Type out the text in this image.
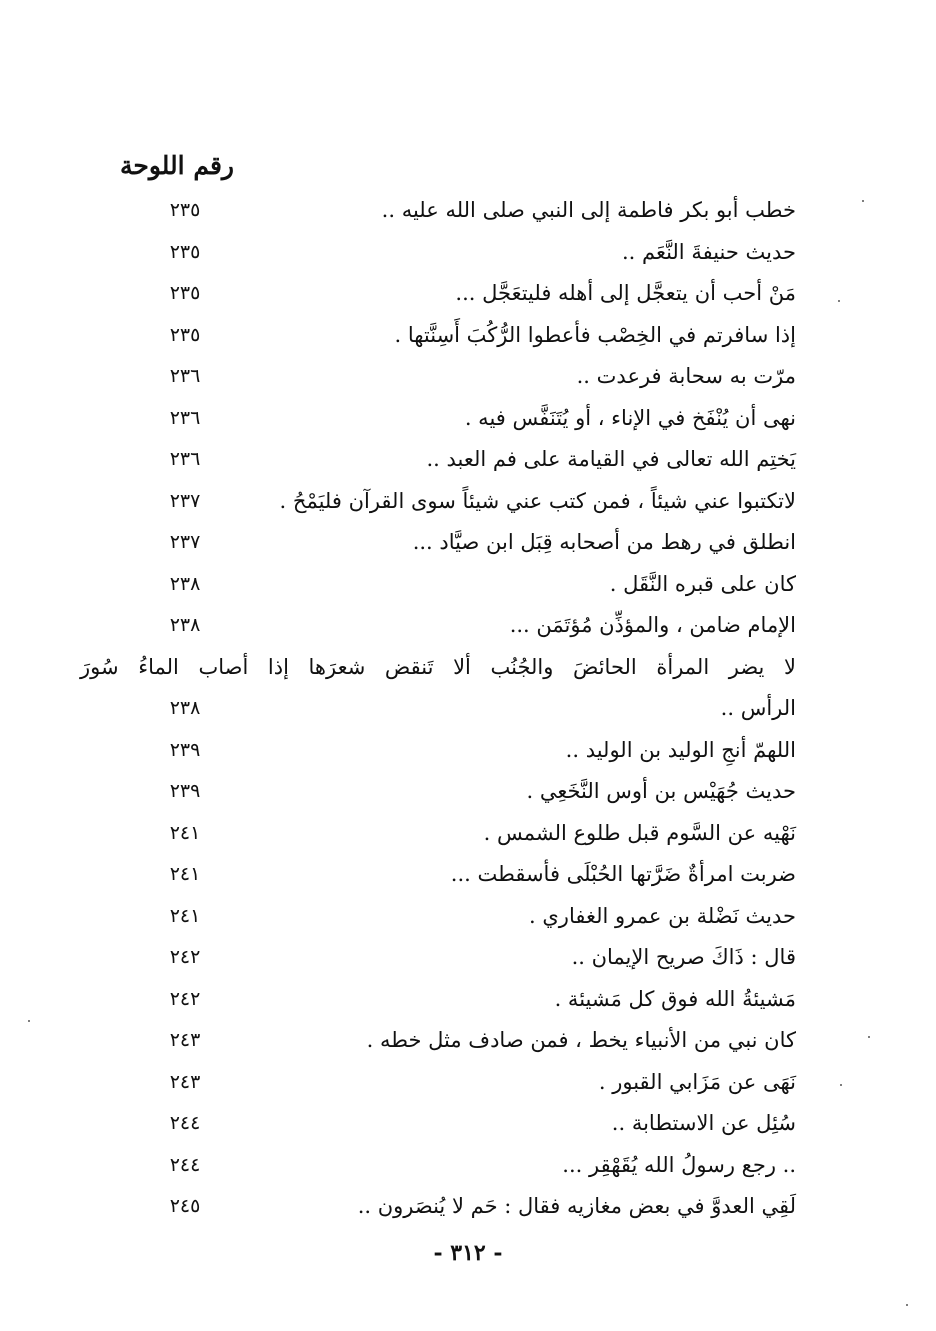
رقم اللوحة
خطب أبو بكر فاطمة إلى النبي صلى الله عليه ..
٢٣٥
حديث حنيفةَ النَّعَم ..
٢٣٥
مَنْ أحب أن يتعجَّل إلى أهله فليتعَجَّل ...
٢٣٥
إذا سافرتم في الخِصْب فأعطوا الرُّكُبَ أَسِنَّتها .
٢٣٥
مرّت به سحابة فرعدت ..
٢٣٦
نهى أن يُنْفَخ في الإناء ، أو يُتَنَفَّس فيه .
٢٣٦
يَختِم الله تعالى في القيامة على فم العبد ..
٢٣٦
لاتكتبوا عني شيئاً ، فمن كتب عني شيئاً سوى القرآن فليَمْحُ .
٢٣٧
انطلق في رهط من أصحابه قِبَل ابن صيَّاد ...
٢٣٧
كان على قبره النَّقَل .
٢٣٨
الإمام ضامن ، والمؤذِّن مُؤتَمَن ...
٢٣٨
لا يضر المرأة الحائضَ والجُنُب ألا تَنقض شعرَها إذا أصاب الماءُ سُورَ
الرأس ..
٢٣٨
اللهمّ أنجِ الوليد بن الوليد ..
٢٣٩
حديث جُهَيْس بن أوس النَّخَعِي .
٢٣٩
نَهْيه عن السَّوم قبل طلوع الشمس .
٢٤١
ضربت امرأةٌ ضَرَّتها الحُبْلَى فأسقطت ...
٢٤١
حديث نَضْلة بن عمرو الغفاري .
٢٤١
قال : ذَاكَ صريح الإيمان ..
٢٤٢
مَشيئةُ الله فوق كل مَشيئة .
٢٤٢
كان نبي من الأنبياء يخط ، فمن صادف مثل خطه .
٢٤٣
نَهَى عن مَزَابي القبور .
٢٤٣
سُئِل عن الاستطابة ..
٢٤٤
.. رجع رسولُ الله يُقَهْقِر ...
٢٤٤
لَقِي العدوَّ في بعض مغازيه فقال : حَم لا يُنصَرون ..
٢٤٥
- ٣١٢ -
